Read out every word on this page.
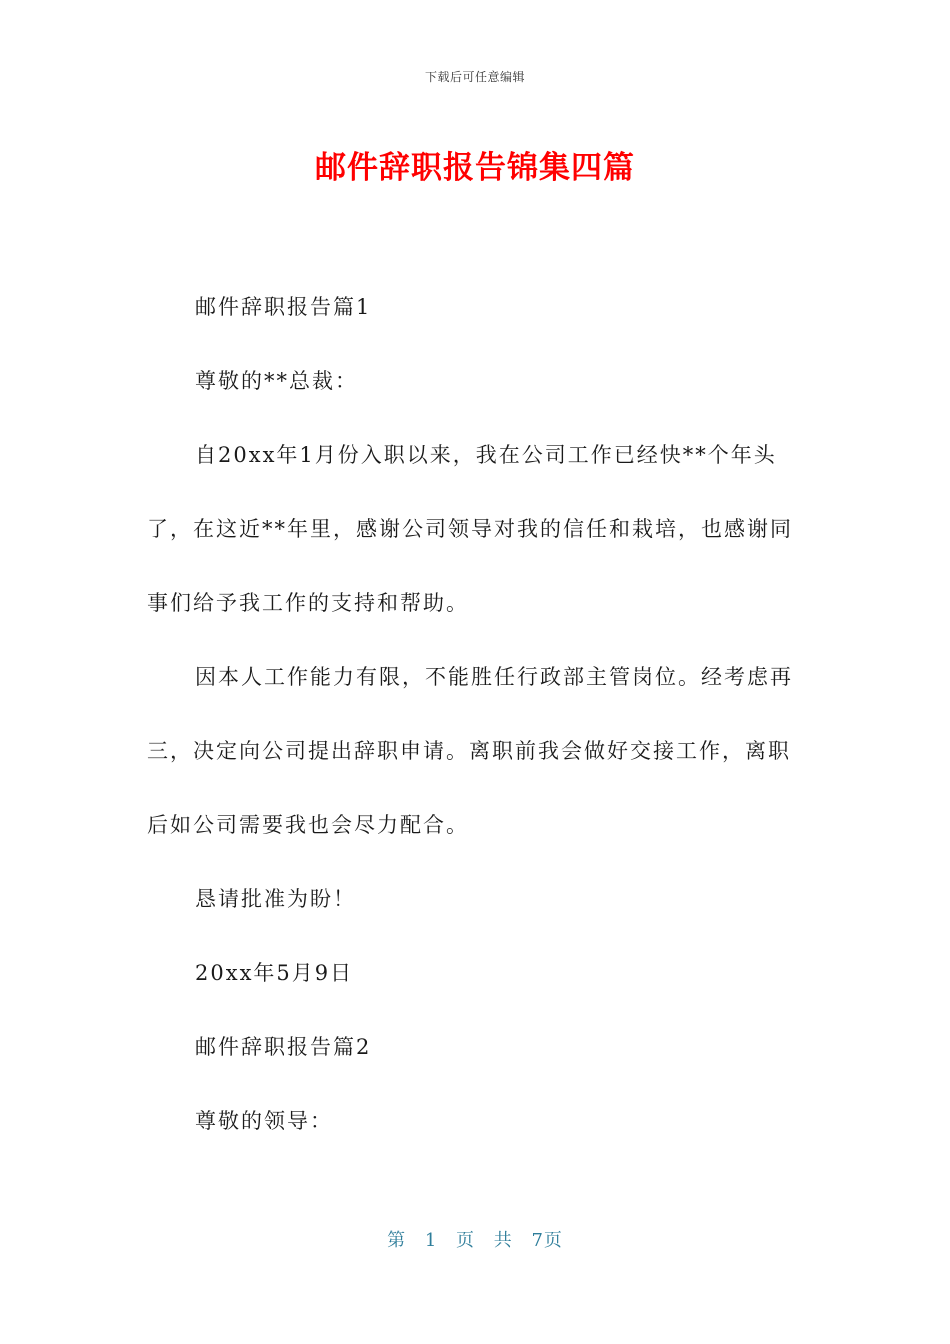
下载后可任意编辑
邮件辞职报告锦集四篇

邮件辞职报告篇1

尊敬的**总裁：

自20xx年1月份入职以来，我在公司工作已经快**个年头了，在这近**年里，感谢公司领导对我的信任和栽培，也感谢同事们给予我工作的支持和帮助。

因本人工作能力有限，不能胜任行政部主管岗位。经考虑再三，决定向公司提出辞职申请。离职前我会做好交接工作，离职后如公司需要我也会尽力配合。

恳请批准为盼！

20xx年5月9日

邮件辞职报告篇2

尊敬的领导：

第 1 页 共 7页
